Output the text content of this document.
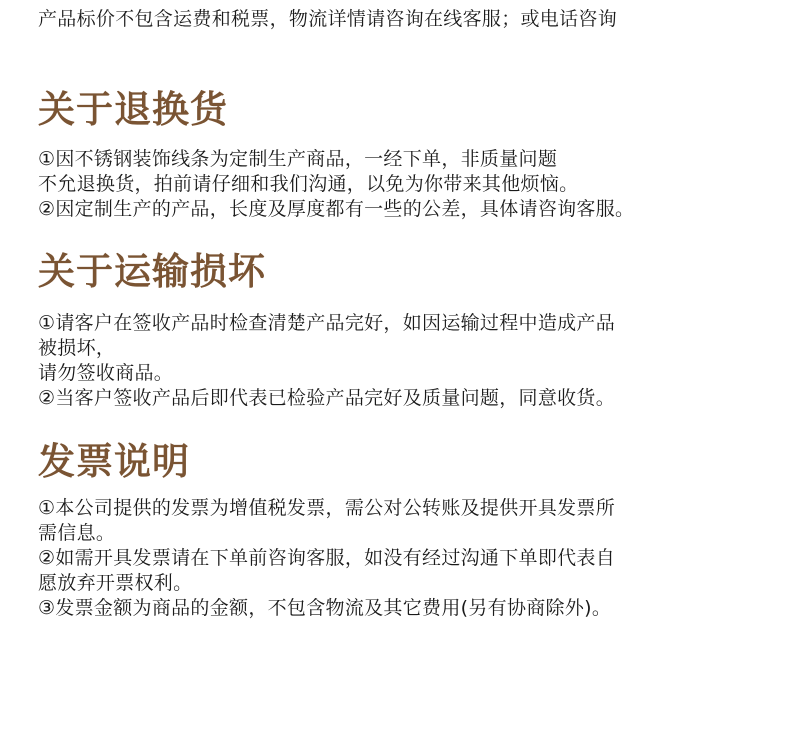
产品标价不包含运费和税票，物流详情请咨询在线客服；或电话咨询
关于退换货
①因不锈钢装饰线条为定制生产商品，一经下单，非质量问题
不允退换货，拍前请仔细和我们沟通，以免为你带来其他烦恼。
②因定制生产的产品，长度及厚度都有一些的公差，具体请咨询客服。
关于运输损坏
①请客户在签收产品时检查清楚产品完好，如因运输过程中造成产品
被损坏，
请勿签收商品。
②当客户签收产品后即代表已检验产品完好及质量问题，同意收货。
发票说明
①本公司提供的发票为增值税发票，需公对公转账及提供开具发票所
需信息。
②如需开具发票请在下单前咨询客服，如没有经过沟通下单即代表自
愿放弃开票权利。
③发票金额为商品的金额，不包含物流及其它费用(另有协商除外)。
